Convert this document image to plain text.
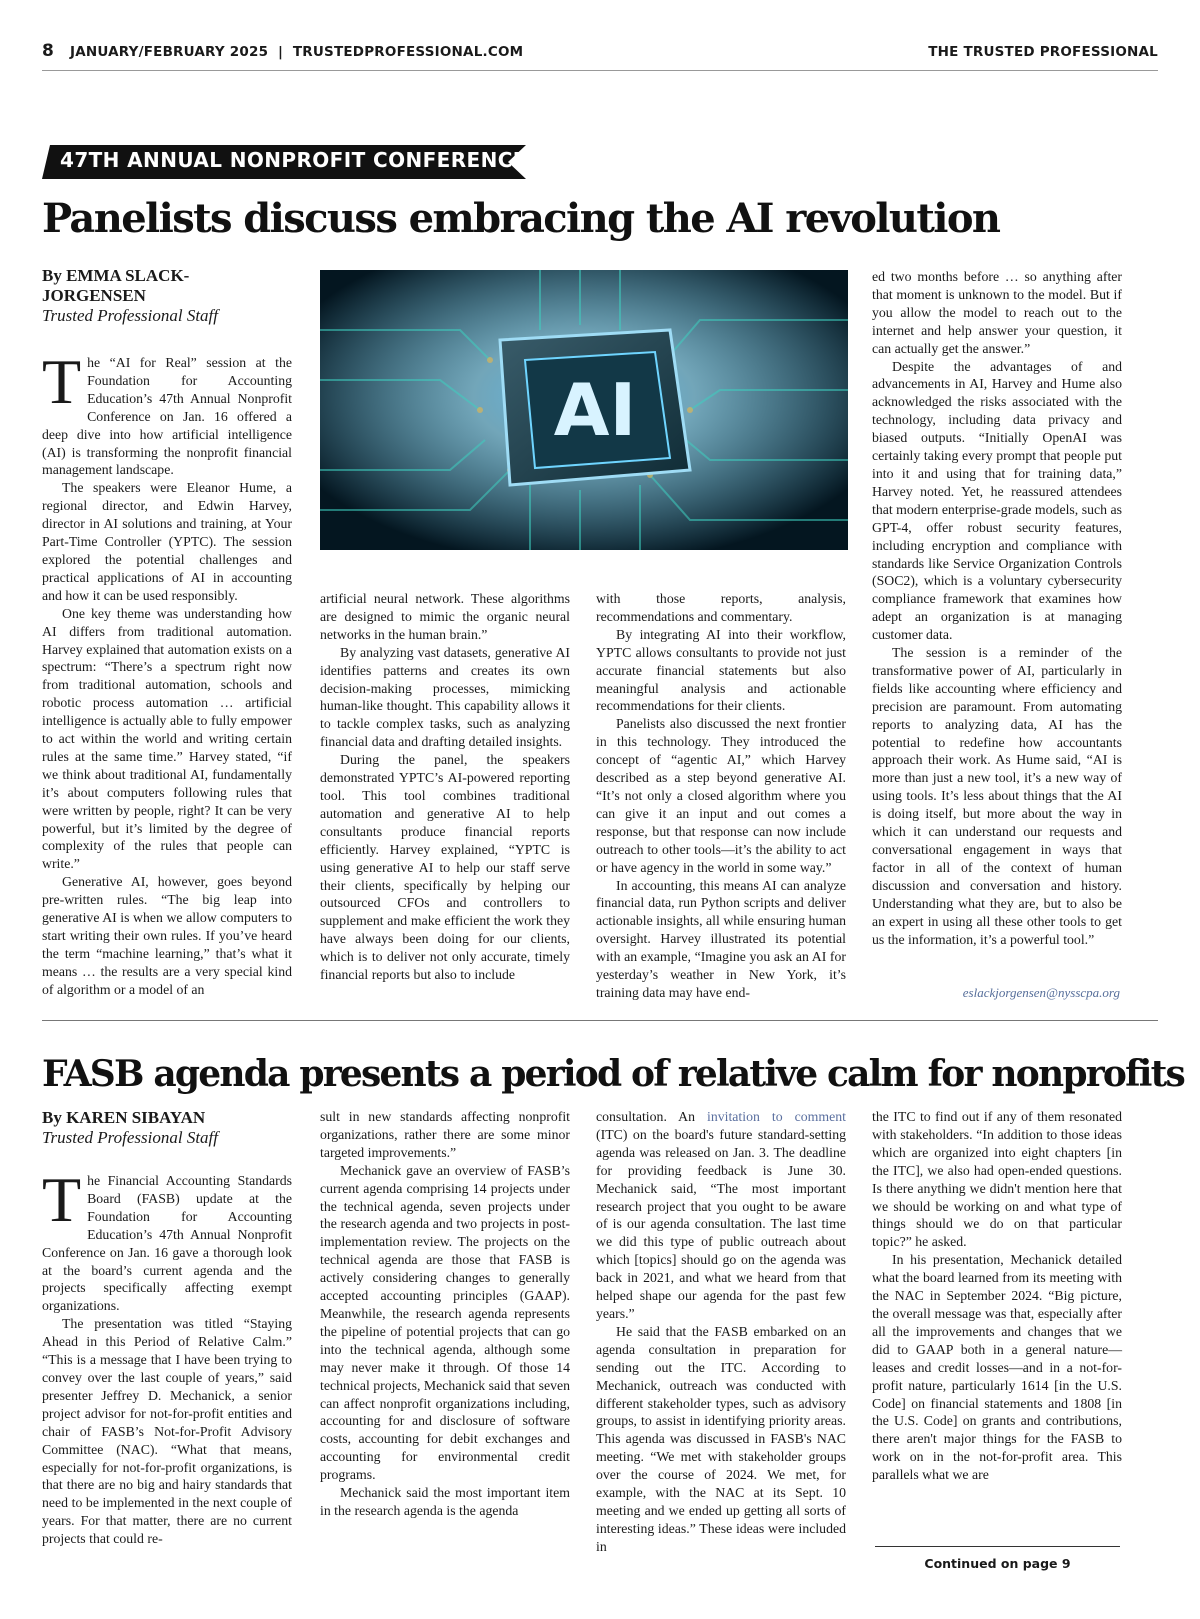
8 JANUARY/FEBRUARY 2025  |  TRUSTEDPROFESSIONAL.COM	THE TRUSTED PROFESSIONAL
47TH ANNUAL NONPROFIT CONFERENCE
Panelists discuss embracing the AI revolution
By EMMA SLACK-JORGENSEN
Trusted Professional Staff

The “AI for Real” session at the Foundation for Accounting Education’s 47th Annual Nonprofit Conference on Jan. 16 offered a deep dive into how artificial intelligence (AI) is transforming the nonprofit financial management landscape.

The speakers were Eleanor Hume, a regional director, and Edwin Harvey, director in AI solutions and training, at Your Part-Time Controller (YPTC). The session explored the potential challenges and practical applications of AI in accounting and how it can be used responsibly.

One key theme was understanding how AI differs from traditional automation. Harvey explained that automation exists on a spectrum: “There’s a spectrum right now from traditional automation, schools and robotic process automation … artificial intelligence is actually able to fully empower to act within the world and writing certain rules at the same time.” Harvey stated, “if we think about traditional AI, fundamentally it’s about computers following rules that were written by people, right? It can be very powerful, but it’s limited by the degree of complexity of the rules that people can write.”

Generative AI, however, goes beyond pre-written rules. “The big leap into generative AI is when we allow computers to start writing their own rules. If you’ve heard the term “machine learning,” that’s what it means … the results are a very special kind of algorithm or a model of an

AI

artificial neural network. These algorithms are designed to mimic the organic neural networks in the human brain.”

By analyzing vast datasets, generative AI identifies patterns and creates its own decision-making processes, mimicking human-like thought. This capability allows it to tackle complex tasks, such as analyzing financial data and drafting detailed insights.

During the panel, the speakers demonstrated YPTC’s AI-powered reporting tool. This tool combines traditional automation and generative AI to help consultants produce financial reports efficiently. Harvey explained, “YPTC is using generative AI to help our staff serve their clients, specifically by helping our outsourced CFOs and controllers to supplement and make efficient the work they have always been doing for our clients, which is to deliver not only accurate, timely financial reports but also to include

with those reports, analysis, recommendations and commentary.

By integrating AI into their workflow, YPTC allows consultants to provide not just accurate financial statements but also meaningful analysis and actionable recommendations for their clients.

Panelists also discussed the next frontier in this technology. They introduced the concept of “agentic AI,” which Harvey described as a step beyond generative AI. “It’s not only a closed algorithm where you can give it an input and out comes a response, but that response can now include outreach to other tools—it’s the ability to act or have agency in the world in some way.”

In accounting, this means AI can analyze financial data, run Python scripts and deliver actionable insights, all while ensuring human oversight. Harvey illustrated its potential with an example, “Imagine you ask an AI for yesterday’s weather in New York, it’s training data may have end-

ed two months before … so anything after that moment is unknown to the model. But if you allow the model to reach out to the internet and help answer your question, it can actually get the answer.”

Despite the advantages of and advancements in AI, Harvey and Hume also acknowledged the risks associated with the technology, including data privacy and biased outputs. “Initially OpenAI was certainly taking every prompt that people put into it and using that for training data,” Harvey noted. Yet, he reassured attendees that modern enterprise-grade models, such as GPT-4, offer robust security features, including encryption and compliance with standards like Service Organization Controls (SOC2), which is a voluntary cybersecurity compliance framework that examines how adept an organization is at managing customer data.

The session is a reminder of the transformative power of AI, particularly in fields like accounting where efficiency and precision are paramount. From automating reports to analyzing data, AI has the potential to redefine how accountants approach their work. As Hume said, “AI is more than just a new tool, it’s a new way of using tools. It’s less about things that the AI is doing itself, but more about the way in which it can understand our requests and conversational engagement in ways that factor in all of the context of human discussion and conversation and history. Understanding what they are, but to also be an expert in using all these other tools to get us the information, it’s a powerful tool.”

eslackjorgensen@nysscpa.org
FASB agenda presents a period of relative calm for nonprofits
By KAREN SIBAYAN
Trusted Professional Staff

The Financial Accounting Standards Board (FASB) update at the Foundation for Accounting Education’s 47th Annual Nonprofit Conference on Jan. 16 gave a thorough look at the board’s current agenda and the projects specifically affecting exempt organizations.

The presentation was titled “Staying Ahead in this Period of Relative Calm.” “This is a message that I have been trying to convey over the last couple of years,” said presenter Jeffrey D. Mechanick, a senior project advisor for not-for-profit entities and chair of FASB’s Not-for-Profit Advisory Committee (NAC). “What that means, especially for not-for-profit organizations, is that there are no big and hairy standards that need to be implemented in the next couple of years. For that matter, there are no current projects that could re-

sult in new standards affecting nonprofit organizations, rather there are some minor targeted improvements.”

Mechanick gave an overview of FASB’s current agenda comprising 14 projects under the technical agenda, seven projects under the research agenda and two projects in post-implementation review. The projects on the technical agenda are those that FASB is actively considering changes to generally accepted accounting principles (GAAP). Meanwhile, the research agenda represents the pipeline of potential projects that can go into the technical agenda, although some may never make it through. Of those 14 technical projects, Mechanick said that seven can affect nonprofit organizations including, accounting for and disclosure of software costs, accounting for debit exchanges and accounting for environmental credit programs.

Mechanick said the most important item in the research agenda is the agenda

consultation. An invitation to comment (ITC) on the board's future standard-setting agenda was released on Jan. 3. The deadline for providing feedback is June 30. Mechanick said, “The most important research project that you ought to be aware of is our agenda consultation. The last time we did this type of public outreach about which [topics] should go on the agenda was back in 2021, and what we heard from that helped shape our agenda for the past few years.”

He said that the FASB embarked on an agenda consultation in preparation for sending out the ITC. According to Mechanick, outreach was conducted with different stakeholder types, such as advisory groups, to assist in identifying priority areas. This agenda was discussed in FASB's NAC meeting. “We met with stakeholder groups over the course of 2024. We met, for example, with the NAC at its Sept. 10 meeting and we ended up getting all sorts of interesting ideas.” These ideas were included in

the ITC to find out if any of them resonated with stakeholders. “In addition to those ideas which are organized into eight chapters [in the ITC], we also had open-ended questions. Is there anything we didn't mention here that we should be working on and what type of things should we do on that particular topic?” he asked.

In his presentation, Mechanick detailed what the board learned from its meeting with the NAC in September 2024. “Big picture, the overall message was that, especially after all the improvements and changes that we did to GAAP both in a general nature—leases and credit losses—and in a not-for-profit nature, particularly 1614 [in the U.S. Code] on financial statements and 1808 [in the U.S. Code] on grants and contributions, there aren't major things for the FASB to work on in the not-for-profit area. This parallels what we are

Continued on page 9
